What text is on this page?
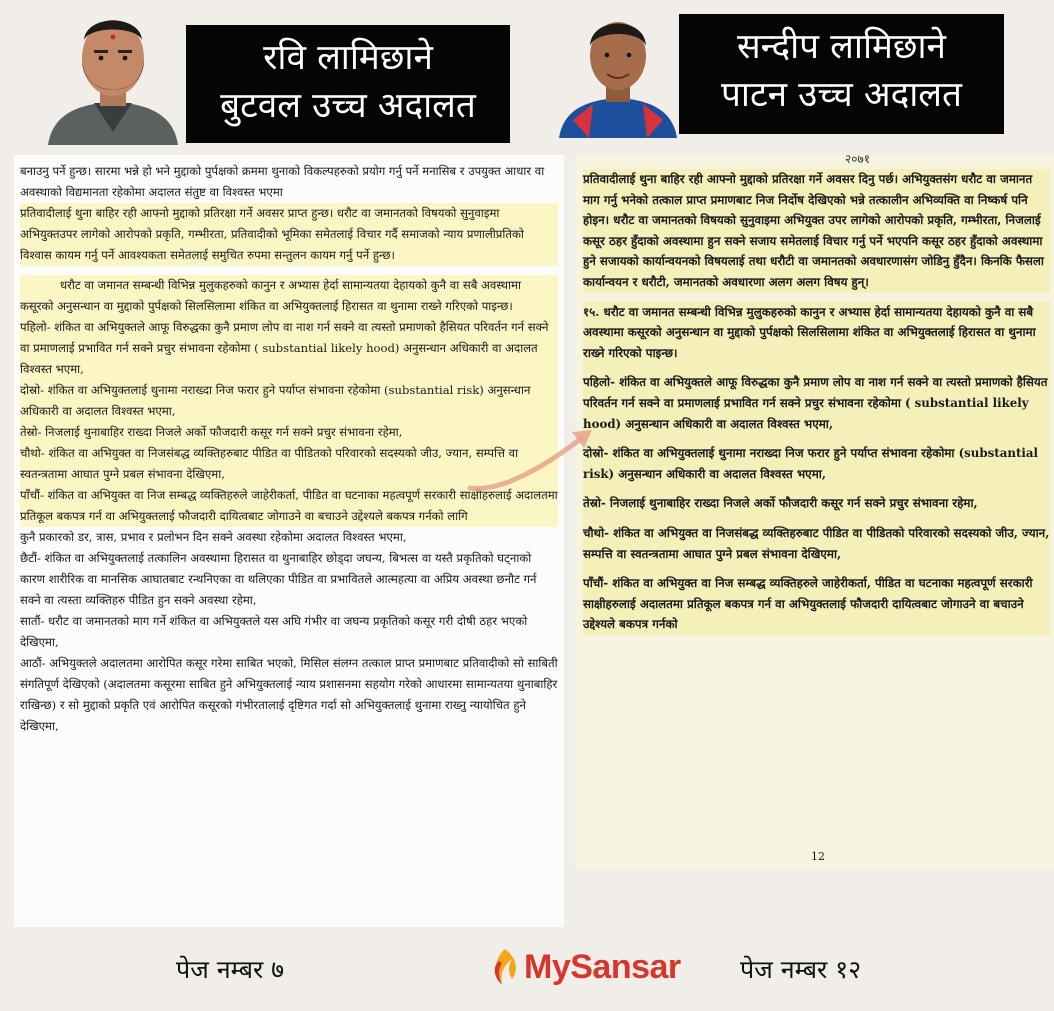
रवि लामिछाने
बुटवल उच्च अदालत
सन्दीप लामिछाने
पाटन उच्च अदालत

बनाउनु पर्ने हुन्छ। सारमा भन्ने हो भने मुद्दाको पुर्पक्षको क्रममा थुनाको विकल्पहरुको प्रयोग गर्नु पर्ने मनासिब र उपयुक्त आधार वा अवस्थाको विद्यमानता रहेकोमा अदालत संतुष्ट वा विश्वस्त भएमा

प्रतिवादीलाई थुना बाहिर रही आफ्नो मुद्दाको प्रतिरक्षा गर्ने अवसर प्राप्त हुन्छ। धरौट वा जमानतको विषयको सुनुवाइमा अभियुक्तउपर लागेको आरोपको प्रकृति, गम्भीरता, प्रतिवादीको भूमिका समेतलाई विचार गर्दै समाजको न्याय प्रणालीप्रतिको विश्वास कायम गर्नु पर्ने आवश्यकता समेतलाई समुचित रुपमा सन्तुलन कायम गर्नु पर्ने हुन्छ।

धरौट वा जमानत सम्बन्धी विभिन्न मुलुकहरुको कानुन र अभ्यास हेर्दा सामान्यतया देहायको कुनै वा सबै अवस्थामा कसूरको अनुसन्धान वा मुद्दाको पुर्पक्षको सिलसिलामा शंकित वा अभियुक्तलाई हिरासत वा थुनामा राख्ने गरिएको पाइन्छ।

पहिलो- शंकित वा अभियुक्तले आफू विरुद्धका कुनै प्रमाण लोप वा नाश गर्न सक्ने वा त्यस्तो प्रमाणको हैसियत परिवर्तन गर्न सक्ने वा प्रमाणलाई प्रभावित गर्न सक्ने प्रचुर संभावना रहेकोमा ( substantial likely hood) अनुसन्धान अधिकारी वा अदालत विश्वस्त भएमा,

दोस्रो- शंकित वा अभियुक्तलाई थुनामा नराख्दा निज फरार हुने पर्याप्त संभावना रहेकोमा (substantial risk) अनुसन्धान अधिकारी वा अदालत विश्वस्त भएमा,

तेस्रो- निजलाई थुनाबाहिर राख्दा निजले अर्को फौजदारी कसूर गर्न सक्ने प्रचुर संभावना रहेमा,

चौथो- शंकित वा अभियुक्त वा निजसंबद्ध व्यक्तिहरुबाट पीडित वा पीडितको परिवारको सदस्यको जीउ, ज्यान, सम्पत्ति वा स्वतन्त्रतामा आघात पुग्ने प्रबल संभावना देखिएमा,

पाँचौं- शंकित वा अभियुक्त वा निज सम्बद्ध व्यक्तिहरुले जाहेरीकर्ता, पीडित वा घटनाका महत्वपूर्ण सरकारी साक्षीहरुलाई अदालतमा प्रतिकूल बकपत्र गर्न वा अभियुक्तलाई फौजदारी दायित्वबाट जोगाउने वा बचाउने उद्देश्यले बकपत्र गर्नको लागि

कुनै प्रकारको डर, त्रास, प्रभाव र प्रलोभन दिन सक्ने अवस्था रहेकोमा अदालत विश्वस्त भएमा,

छैटौं- शंकित वा अभियुक्तलाई तत्कालिन अवस्थामा हिरासत वा थुनाबाहिर छोड्दा जघन्य, बिभत्स वा यस्तै प्रकृतिको घट्नाको कारण शारीरिक वा मानसिक आघातबाट रन्थनिएका वा थलिएका पीडित वा प्रभावितले आत्महत्या वा अप्रिय अवस्था छनौट गर्न सक्ने वा त्यस्ता व्यक्तिहरु पीडित हुन सक्ने अवस्था रहेमा,

सातौं- धरौट वा जमानतको माग गर्ने शंकित वा अभियुक्तले यस अघि गंभीर वा जघन्य प्रकृतिको कसूर गरी दोषी ठहर भएको देखिएमा,

आठौं- अभियुक्तले अदालतमा आरोपित कसूर गरेमा साबित भएको, मिसिल संलग्न तत्काल प्राप्त प्रमाणबाट प्रतिवादीको सो साबिती संगतिपूर्ण देखिएको (अदालतमा कसूरमा साबित हुने अभियुक्तलाई न्याय प्रशासनमा सहयोग गरेको आधारमा सामान्यतया थुनाबाहिर राखिन्छ) र सो मुद्दाको प्रकृति एवं आरोपित कसूरको गंभीरतालाई दृष्टिगत गर्दा सो अभियुक्तलाई थुनामा राख्नु न्यायोचित हुने देखिएमा,

२०७१

प्रतिवादीलाई थुना बाहिर रही आफ्नो मुद्दाको प्रतिरक्षा गर्ने अवसर दिनु पर्छ। अभियुक्तसंग धरौट वा जमानत माग गर्नु भनेको तत्काल प्राप्त प्रमाणबाट निज निर्दोष देखिएको भन्ने तत्कालीन अभिव्यक्ति वा निष्कर्ष पनि होइन। धरौट वा जमानतको विषयको सुनुवाइमा अभियुक्त उपर लागेको आरोपको प्रकृति, गम्भीरता, निजलाई कसूर ठहर हुँदाको अवस्थामा हुन सक्ने सजाय समेतलाई विचार गर्नु पर्ने भएपनि कसूर ठहर हुँदाको अवस्थामा हुने सजायको कार्यान्वयनको विषयलाई तथा धरौटी वा जमानतको अवधारणासंग जोडिनु हुँदैन। किनकि फैसला कार्यान्वयन र धरौटी, जमानतको अवधारणा अलग अलग विषय हुन्।

१५. धरौट वा जमानत सम्बन्धी विभिन्न मुलुकहरुको कानुन र अभ्यास हेर्दा सामान्यतया देहायको कुनै वा सबै अवस्थामा कसूरको अनुसन्धान वा मुद्दाको पुर्पक्षको सिलसिलामा शंकित वा अभियुक्तलाई हिरासत वा थुनामा राख्ने गरिएको पाइन्छ।

पहिलो- शंकित वा अभियुक्तले आफू विरुद्धका कुनै प्रमाण लोप वा नाश गर्न सक्ने वा त्यस्तो प्रमाणको हैसियत परिवर्तन गर्न सक्ने वा प्रमाणलाई प्रभावित गर्न सक्ने प्रचुर संभावना रहेकोमा ( substantial likely hood) अनुसन्धान अधिकारी वा अदालत विश्वस्त भएमा,

दोस्रो- शंकित वा अभियुक्तलाई थुनामा नराख्दा निज फरार हुने पर्याप्त संभावना रहेकोमा (substantial risk) अनुसन्धान अधिकारी वा अदालत विश्वस्त भएमा,

तेस्रो- निजलाई थुनाबाहिर राख्दा निजले अर्को फौजदारी कसूर गर्न सक्ने प्रचुर संभावना रहेमा,

चौथो- शंकित वा अभियुक्त वा निजसंबद्ध व्यक्तिहरुबाट पीडित वा पीडितको परिवारको सदस्यको जीउ, ज्यान, सम्पत्ति वा स्वतन्त्रतामा आघात पुग्ने प्रबल संभावना देखिएमा,

पाँचौं- शंकित वा अभियुक्त वा निज सम्बद्ध व्यक्तिहरुले जाहेरीकर्ता, पीडित वा घटनाका महत्वपूर्ण सरकारी साक्षीहरुलाई अदालतमा प्रतिकूल बकपत्र गर्न वा अभियुक्तलाई फौजदारी दायित्वबाट जोगाउने वा बचाउने उद्देश्यले बकपत्र गर्नको

12
पेज नम्बर ७	MySansar पेज नम्बर १२
